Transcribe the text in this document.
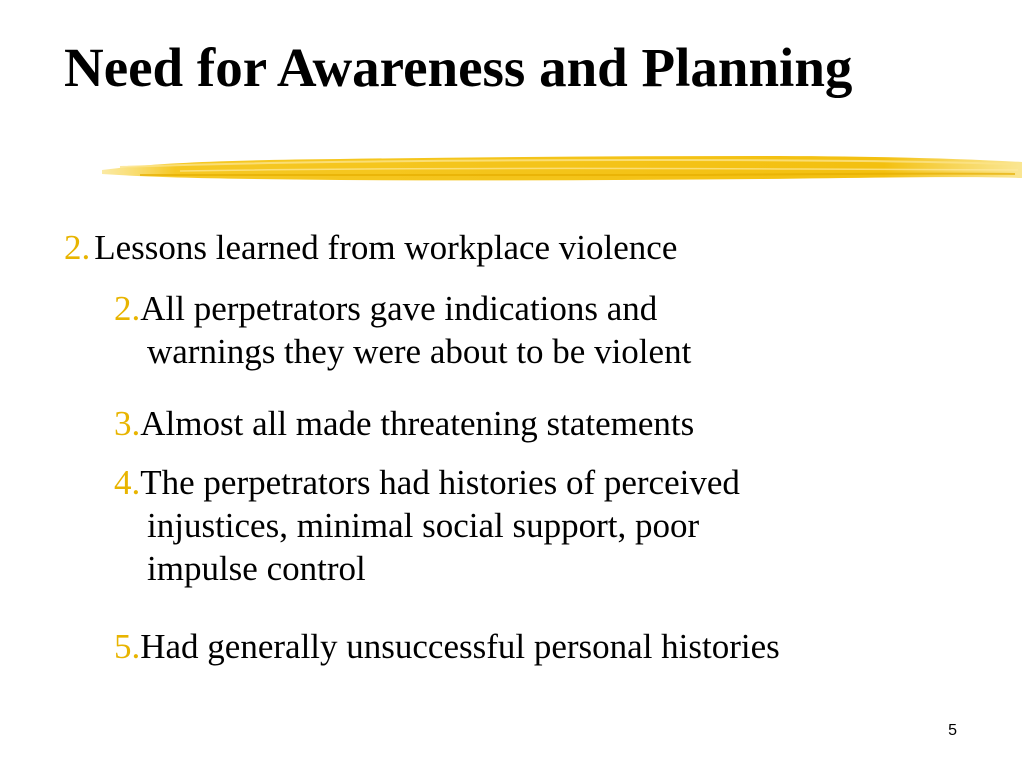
Need for Awareness and Planning
2. Lessons learned from workplace violence
2.All perpetrators gave indications and
warnings they were about to be violent
3.Almost all made threatening statements
4.The perpetrators had histories of perceived
injustices, minimal social support, poor
impulse control
5.Had generally unsuccessful personal histories
5
